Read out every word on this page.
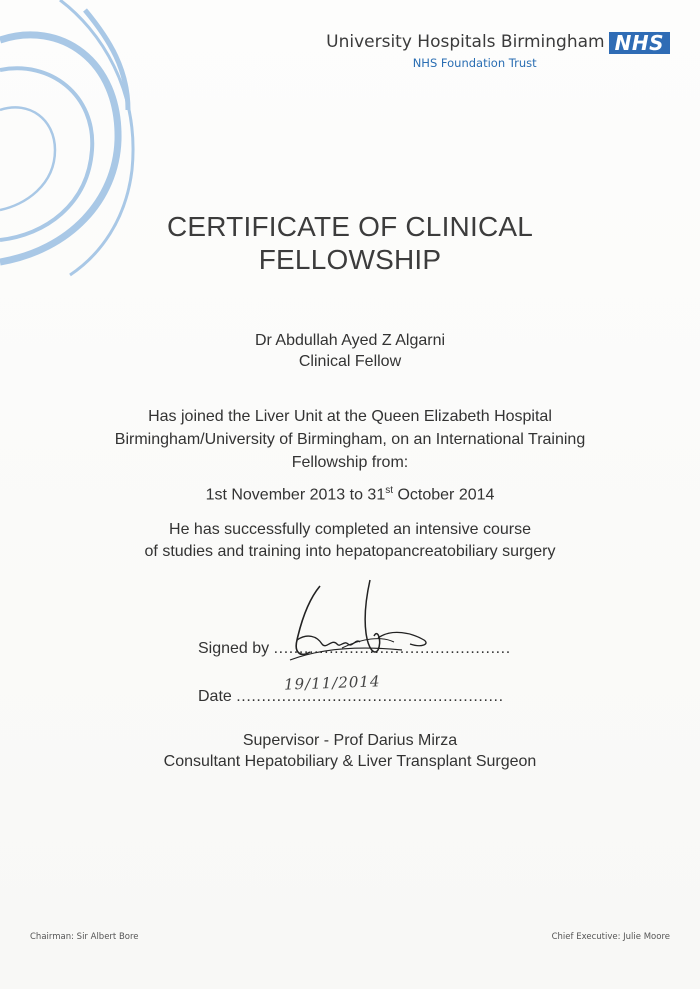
University Hospitals Birmingham
NHS Foundation Trust
NHS
CERTIFICATE OF CLINICAL
FELLOWSHIP
Dr Abdullah Ayed Z Algarni
Clinical Fellow
Has joined the Liver Unit at the Queen Elizabeth Hospital
Birmingham/University of Birmingham, on an International Training
Fellowship from:
1st November 2013 to 31st October 2014
He has successfully completed an intensive course
of studies and training into hepatopancreatobiliary surgery
Signed by ...............................................
Date .....................................................
19/11/2014
Supervisor - Prof Darius Mirza
Consultant Hepatobiliary & Liver Transplant Surgeon
Chairman: Sir Albert Bore	Chief Executive: Julie Moore
